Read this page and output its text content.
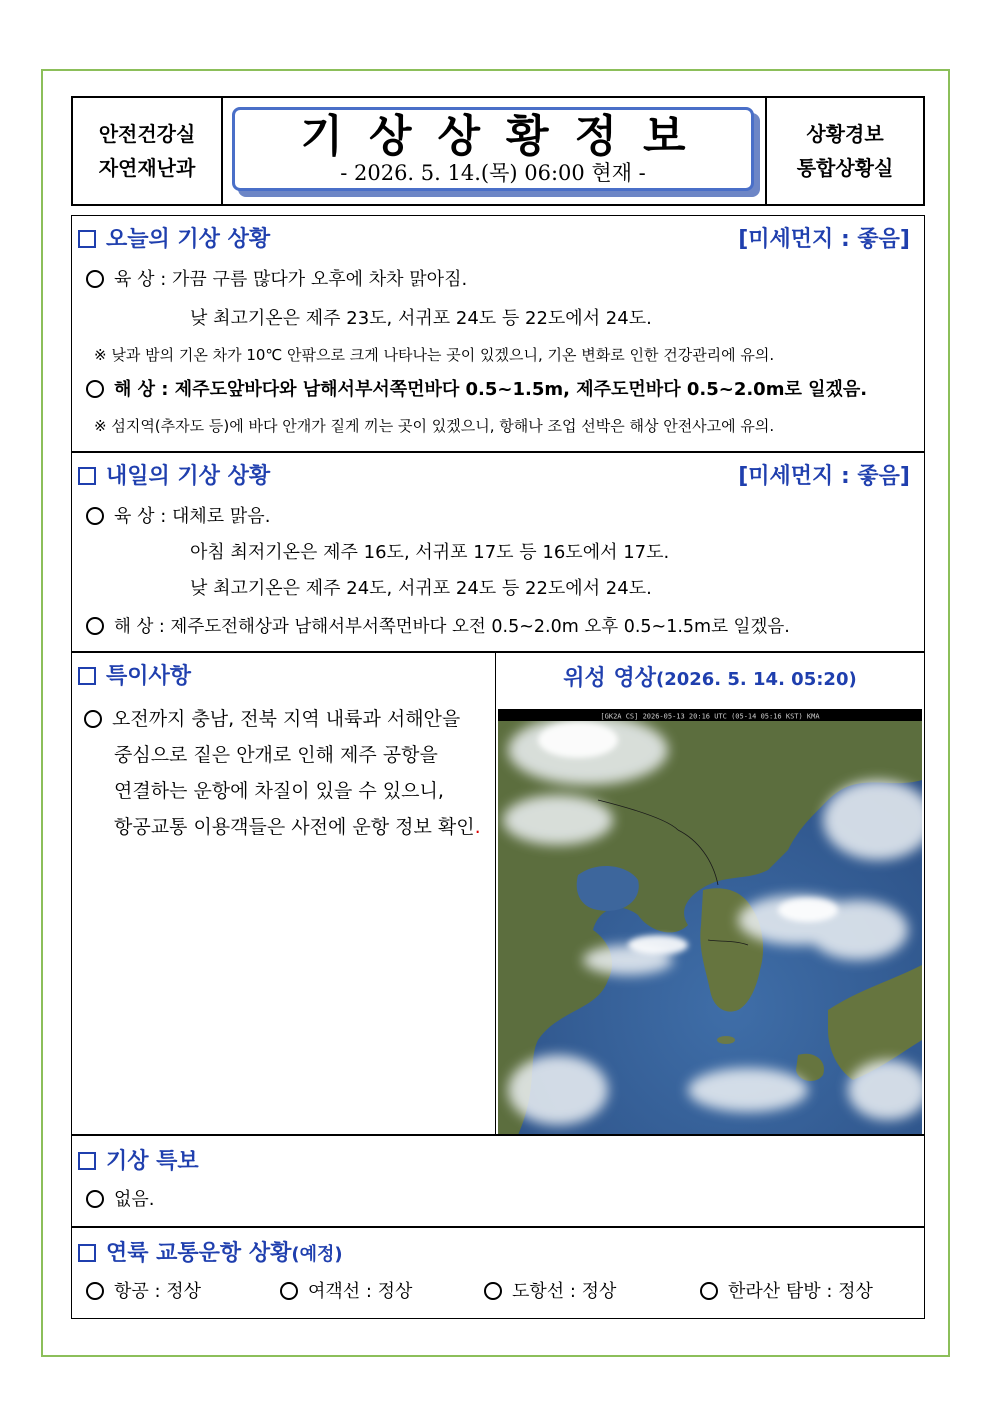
안전건강실
자연재난과
기상상황정보
- 2026. 5. 14.(목) 06:00 현재 -
상황경보
통합상황실
오늘의 기상 상황	[미세먼지 : 좋음]
육 상 : 가끔 구름 많다가 오후에 차차 맑아짐.
낮 최고기온은 제주 23도, 서귀포 24도 등 22도에서 24도.
※ 낮과 밤의 기온 차가 10℃ 안팎으로 크게 나타나는 곳이 있겠으니, 기온 변화로 인한 건강관리에 유의.
해 상 : 제주도앞바다와 남해서부서쪽먼바다 0.5~1.5m, 제주도먼바다 0.5~2.0m로 일겠음.
※ 섬지역(추자도 등)에 바다 안개가 짙게 끼는 곳이 있겠으니, 항해나 조업 선박은 해상 안전사고에 유의.
내일의 기상 상황	[미세먼지 : 좋음]
육 상 : 대체로 맑음.
아침 최저기온은 제주 16도, 서귀포 17도 등 16도에서 17도.
낮 최고기온은 제주 24도, 서귀포 24도 등 22도에서 24도.
해 상 : 제주도전해상과 남해서부서쪽먼바다 오전 0.5~2.0m 오후 0.5~1.5m로 일겠음.
특이사항
오전까지 충남, 전북 지역 내륙과 서해안을
중심으로 짙은 안개로 인해 제주 공항을
연결하는 운항에 차질이 있을 수 있으니,
항공교통 이용객들은 사전에 운항 정보 확인.
위성 영상(2026. 5. 14. 05:20)
[GK2A CS] 2026-05-13 20:16 UTC (05-14 05:16 KST) KMA
기상 특보
없음.
연륙 교통운항 상황(예정)
항공 : 정상	여객선 : 정상	도항선 : 정상	한라산 탐방 : 정상
